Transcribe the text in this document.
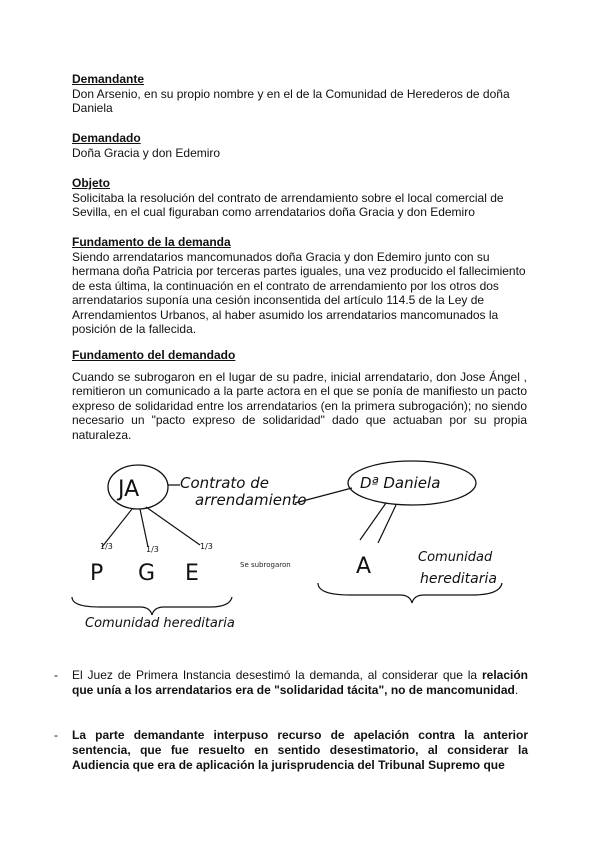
Demandante
Don Arsenio, en su propio nombre y en el de la Comunidad de Herederos de doña Daniela
Demandado
Doña Gracia y don Edemiro
Objeto
Solicitaba la resolución del contrato de arrendamiento sobre el local comercial de Sevilla, en el cual figuraban como arrendatarios doña Gracia y don Edemiro
Fundamento de la demanda
Siendo arrendatarios mancomunados doña Gracia y don Edemiro junto con su hermana doña Patricia por terceras partes iguales, una vez producido el fallecimiento de esta última, la continuación en el contrato de arrendamiento por los otros dos arrendatarios suponía una cesión inconsentida del artículo 114.5 de la Ley de Arrendamientos Urbanos, al haber asumido los arrendatarios mancomunados la posición de la fallecida.
Fundamento del demandado
Cuando se subrogaron en el lugar de su padre, inicial arrendatario, don Jose Ángel , remitieron un comunicado a la parte actora en el que se ponía de manifiesto un pacto expreso de solidaridad entre los arrendatarios (en la primera subrogación); no siendo necesario un "pacto expreso de solidaridad" dado que actuaban por su propia naturaleza.
JA	Contrato de
arrendamiento
Dª Daniela
1/3	1/3	1/3
P G E	Se subrogaron
Comunidad hereditaria
A	Comunidad
hereditaria
-	El Juez de Primera Instancia desestimó la demanda, al considerar que la relación que unía a los arrendatarios era de "solidaridad tácita", no de mancomunidad.
-	La parte demandante interpuso recurso de apelación contra la anterior sentencia, que fue resuelto en sentido desestimatorio, al considerar la Audiencia que era de aplicación la jurisprudencia del Tribunal Supremo que
